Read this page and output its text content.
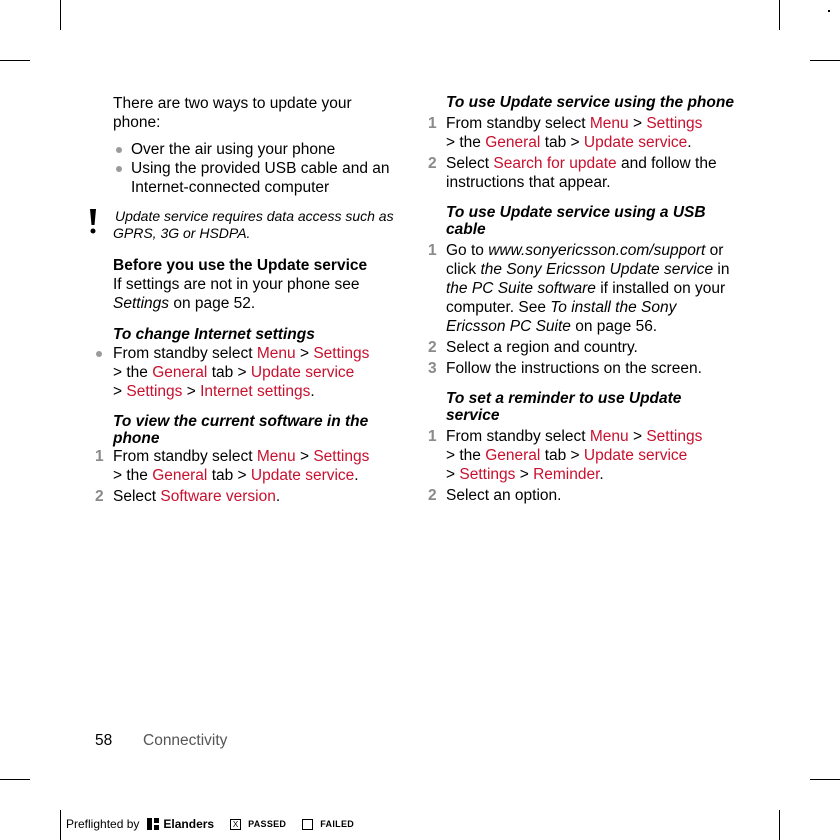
There are two ways to update your phone:

Over the air using your phone
Using the provided USB cable and an Internet-connected computer
Update service requires data access such as GPRS, 3G or HSDPA.

Before you use the Update service

If settings are not in your phone see Settings on page 52.

To change Internet settings

From standby select Menu > Settings
> the General tab > Update service
> Settings > Internet settings.

To view the current software in the phone

1 From standby select Menu > Settings
> the General tab > Update service.
2 Select Software version.

To use Update service using the phone

1 From standby select Menu > Settings
> the General tab > Update service.
2 Select Search for update and follow the instructions that appear.

To use Update service using a USB cable

1 Go to www.sonyericsson.com/support or click the Sony Ericsson Update service in the PC Suite software if installed on your computer. See To install the Sony Ericsson PC Suite on page 56.
2 Select a region and country.
3 Follow the instructions on the screen.

To set a reminder to use Update service

1 From standby select Menu > Settings
> the General tab > Update service
> Settings > Reminder.
2 Select an option.
58 Connectivity
Preflighted by Elanders	X	PASSED	FAILED
